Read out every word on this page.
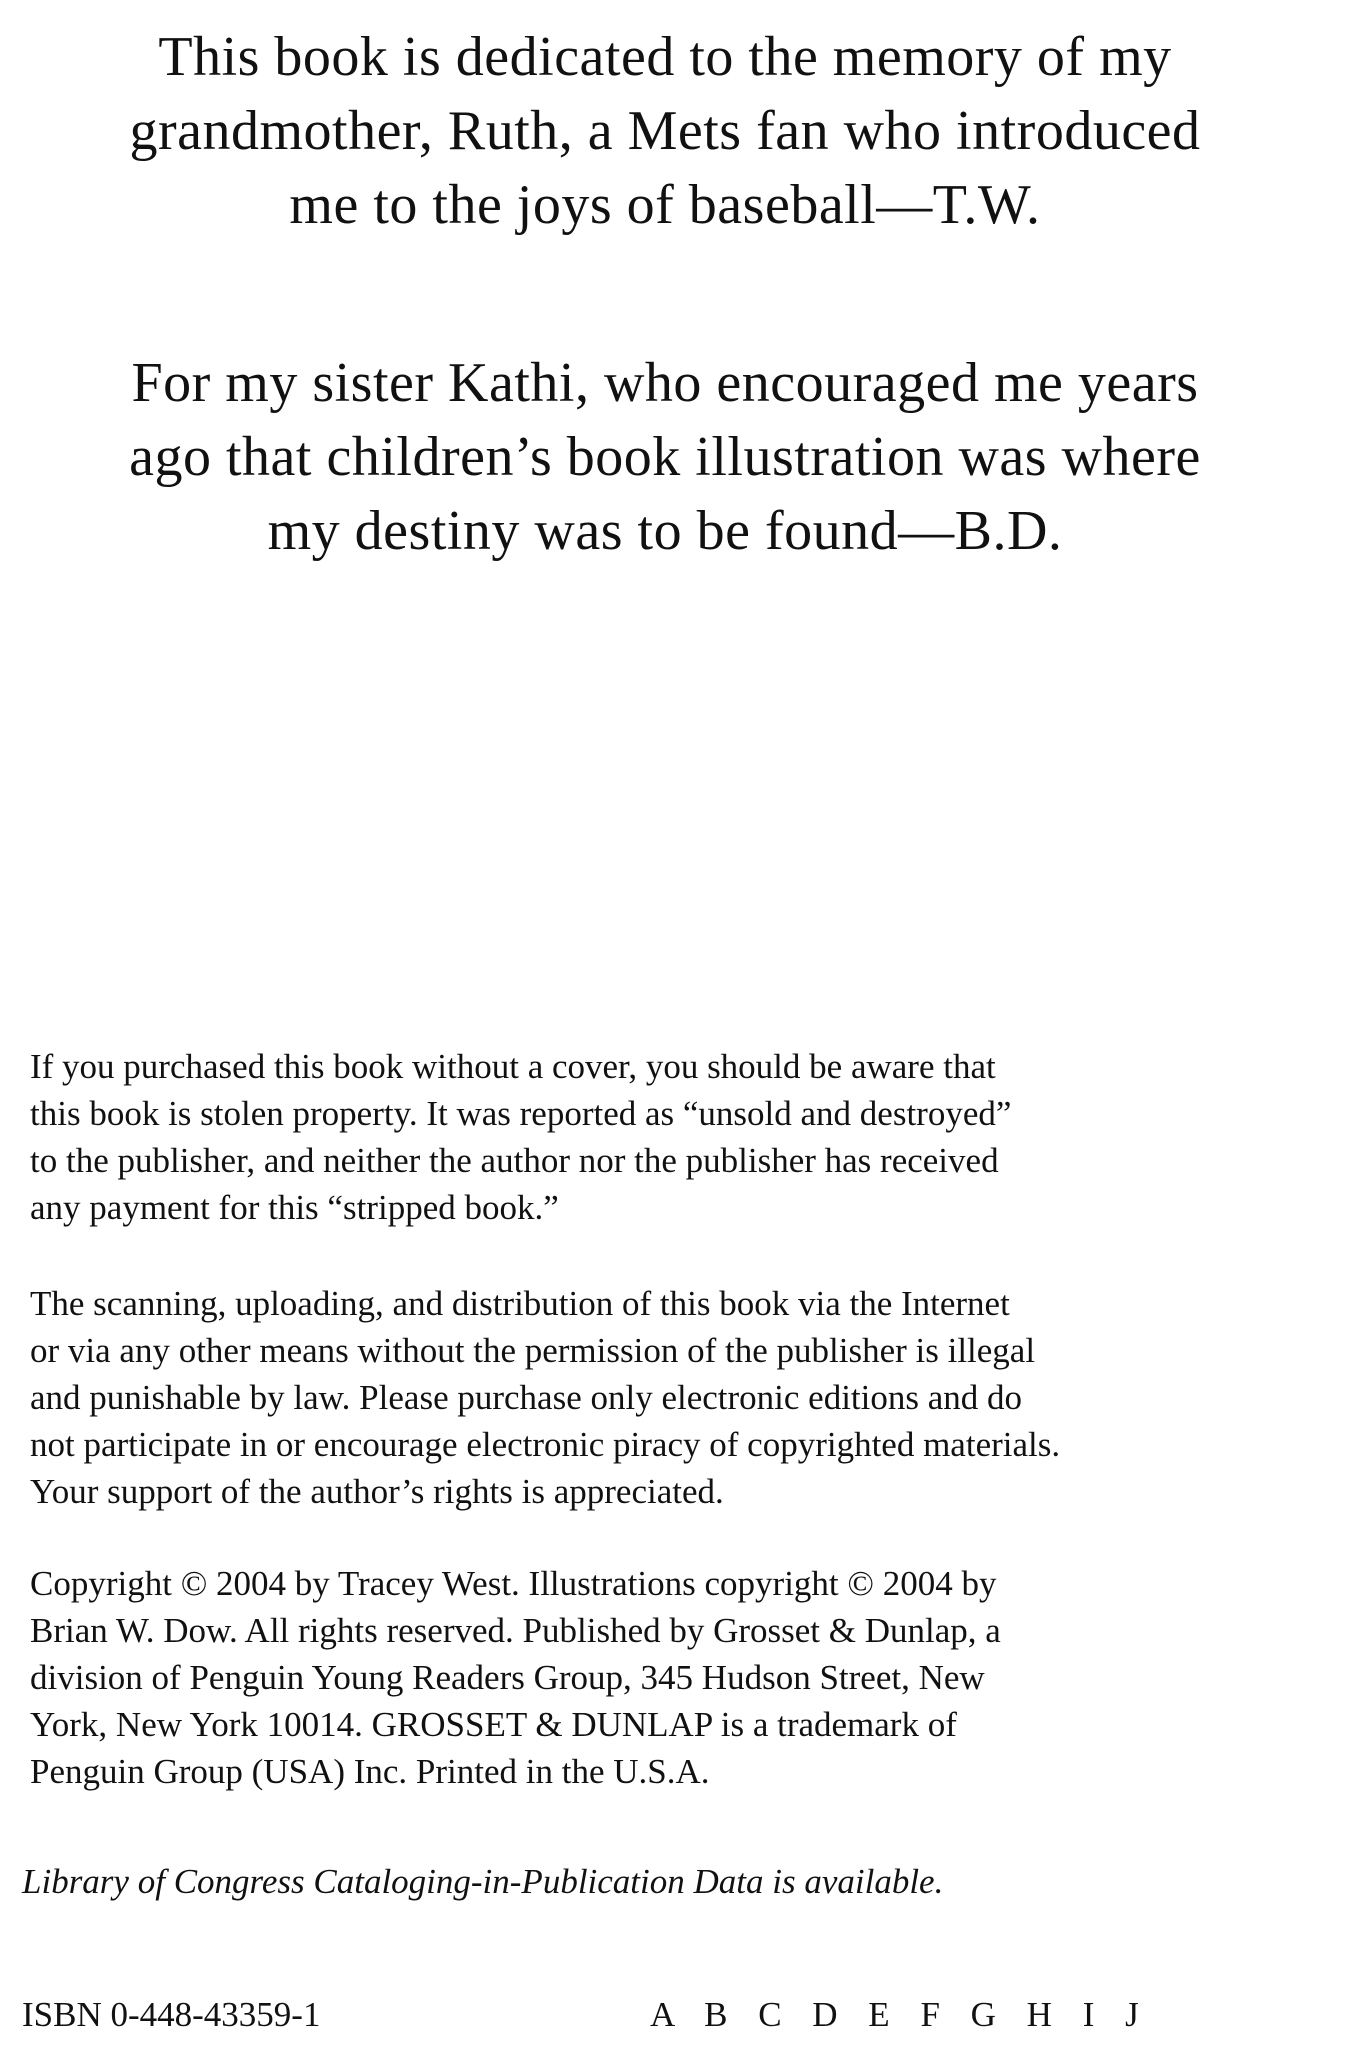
This book is dedicated to the memory of my
grandmother, Ruth, a Mets fan who introduced
me to the joys of baseball—T.W.
For my sister Kathi, who encouraged me years
ago that children’s book illustration was where
my destiny was to be found—B.D.
If you purchased this book without a cover, you should be aware that
this book is stolen property. It was reported as “unsold and destroyed”
to the publisher, and neither the author nor the publisher has received
any payment for this “stripped book.”
The scanning, uploading, and distribution of this book via the Internet
or via any other means without the permission of the publisher is illegal
and punishable by law. Please purchase only electronic editions and do
not participate in or encourage electronic piracy of copyrighted materials.
Your support of the author’s rights is appreciated.
Copyright © 2004 by Tracey West. Illustrations copyright © 2004 by
Brian W. Dow. All rights reserved. Published by Grosset & Dunlap, a
division of Penguin Young Readers Group, 345 Hudson Street, New
York, New York 10014. GROSSET & DUNLAP is a trademark of
Penguin Group (USA) Inc. Printed in the U.S.A.
Library of Congress Cataloging-in-Publication Data is available.
ISBN 0-448-43359-1	A B C D E F G H I J
